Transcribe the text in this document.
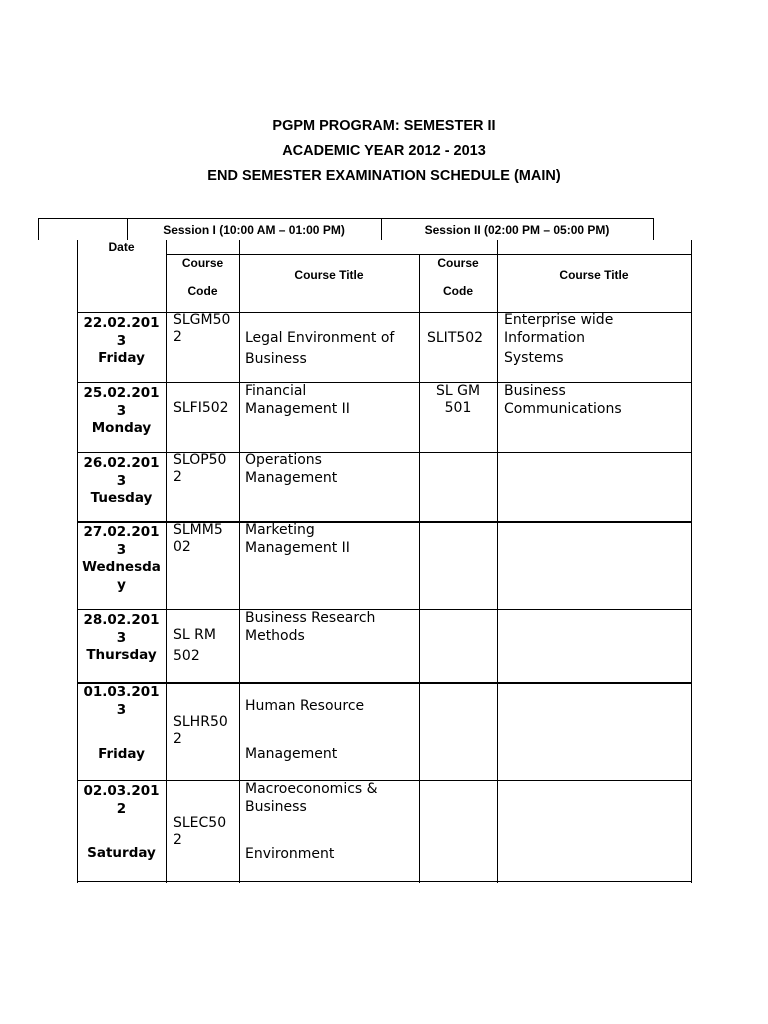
PGPM PROGRAM: SEMESTER II
ACADEMIC YEAR 2012 - 2013
END SEMESTER EXAMINATION SCHEDULE (MAIN)
Session I (10:00 AM – 01:00 PM)	Session II (02:00 PM – 05:00 PM)
Date
Course
Code
Course Title
Course
Code
Course Title
22.02.201
3
Friday
SLGM50
2	Legal Environment of
Business
SLIT502
Enterprise wide
Information
Systems
25.02.201
3
Monday
SLFI502
Financial
Management II
SL GM
501
Business
Communications
26.02.201
3
Tuesday
SLOP50
2
Operations
Management
27.02.201
3
Wednesda
y
SLMM5
02
Marketing
Management II
28.02.201
3
Thursday
SL RM
502
Business Research
Methods
01.03.201
3
Friday
SLHR50
2
Human Resource
Management
02.03.201
2
Saturday
SLEC50
2
Macroeconomics &
Business
Environment
